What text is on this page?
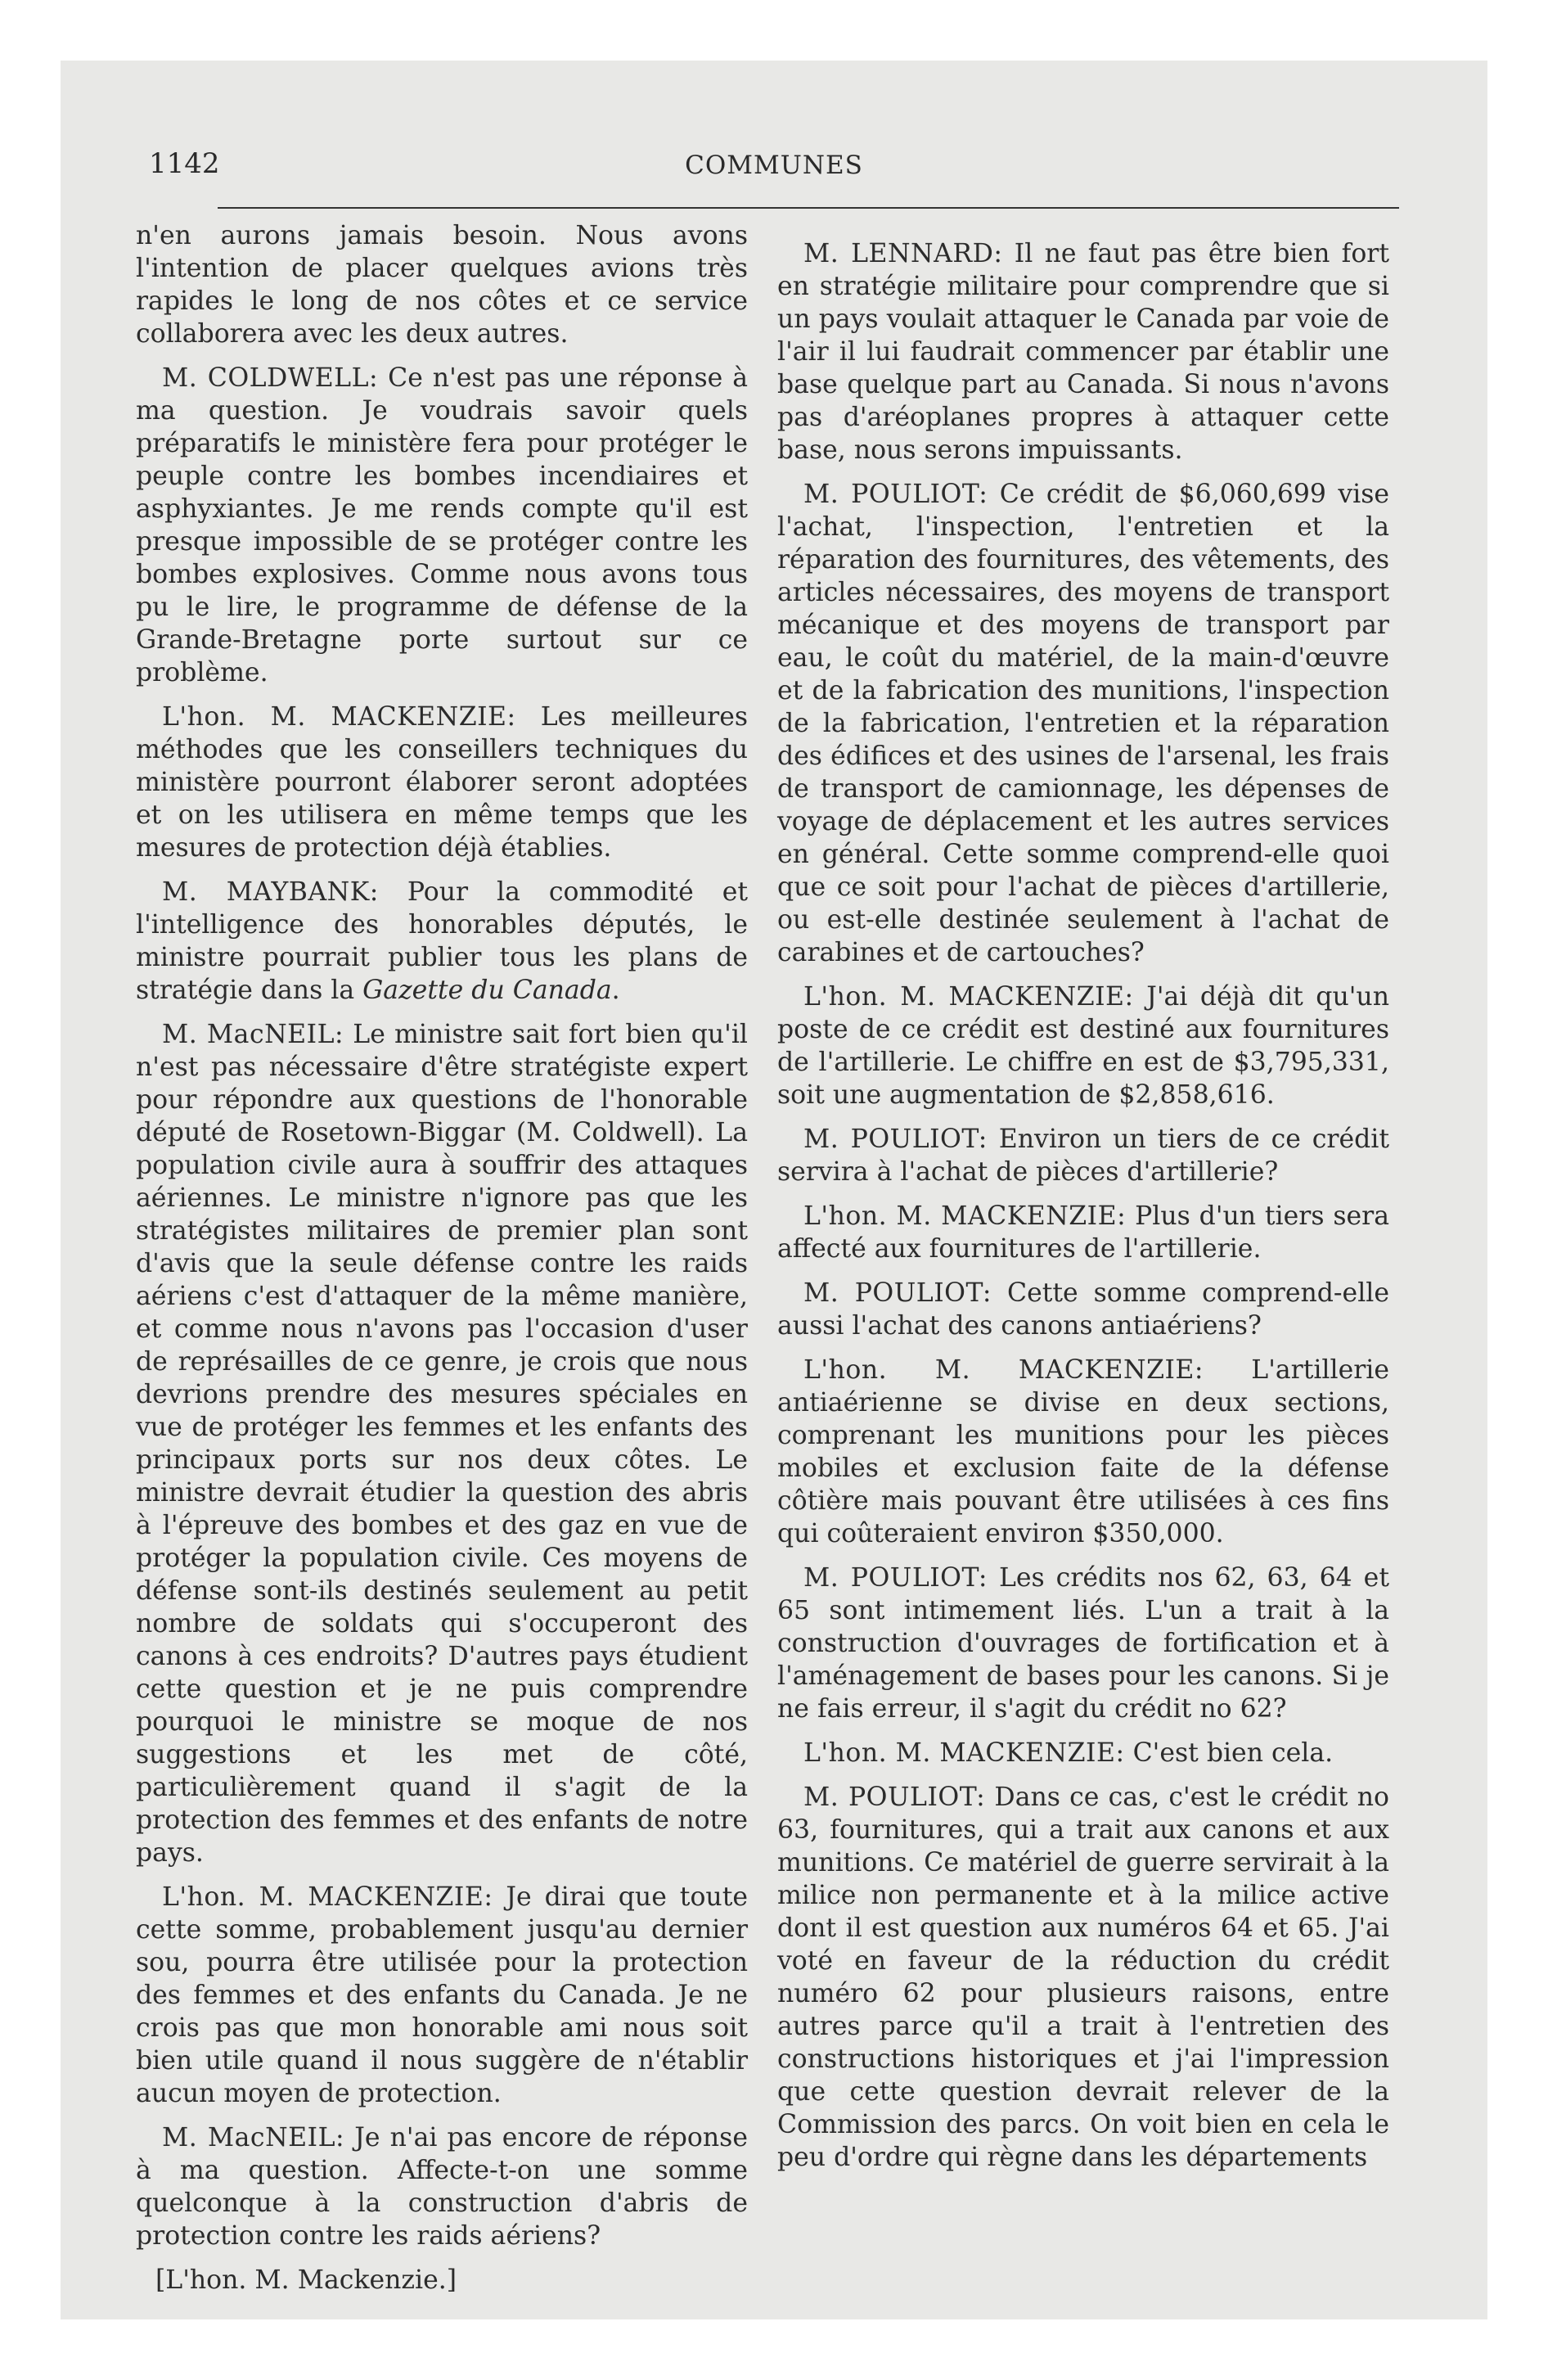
1142	COMMUNES

n'en aurons jamais besoin. Nous avons l'intention de placer quelques avions très rapides le long de nos côtes et ce service collaborera avec les deux autres.

M. COLDWELL: Ce n'est pas une réponse à ma question. Je voudrais savoir quels préparatifs le ministère fera pour protéger le peuple contre les bombes incendiaires et asphyxiantes. Je me rends compte qu'il est presque impossible de se protéger contre les bombes explosives. Comme nous avons tous pu le lire, le programme de défense de la Grande-Bretagne porte surtout sur ce problème.

L'hon. M. MACKENZIE: Les meilleures méthodes que les conseillers techniques du ministère pourront élaborer seront adoptées et on les utilisera en même temps que les mesures de protection déjà établies.

M. MAYBANK: Pour la commodité et l'intelligence des honorables députés, le ministre pourrait publier tous les plans de stratégie dans la Gazette du Canada.

M. MacNEIL: Le ministre sait fort bien qu'il n'est pas nécessaire d'être stratégiste expert pour répondre aux questions de l'honorable député de Rosetown-Biggar (M. Coldwell). La population civile aura à souffrir des attaques aériennes. Le ministre n'ignore pas que les stratégistes militaires de premier plan sont d'avis que la seule défense contre les raids aériens c'est d'attaquer de la même manière, et comme nous n'avons pas l'occasion d'user de représailles de ce genre, je crois que nous devrions prendre des mesures spéciales en vue de protéger les femmes et les enfants des principaux ports sur nos deux côtes. Le ministre devrait étudier la question des abris à l'épreuve des bombes et des gaz en vue de protéger la population civile. Ces moyens de défense sont-ils destinés seulement au petit nombre de soldats qui s'occuperont des canons à ces endroits? D'autres pays étudient cette question et je ne puis comprendre pourquoi le ministre se moque de nos suggestions et les met de côté, particulièrement quand il s'agit de la protection des femmes et des enfants de notre pays.

L'hon. M. MACKENZIE: Je dirai que toute cette somme, probablement jusqu'au dernier sou, pourra être utilisée pour la protection des femmes et des enfants du Canada. Je ne crois pas que mon honorable ami nous soit bien utile quand il nous suggère de n'établir aucun moyen de protection.

M. MacNEIL: Je n'ai pas encore de réponse à ma question. Affecte-t-on une somme quelconque à la construction d'abris de protection contre les raids aériens?

[L'hon. M. Mackenzie.]

M. LENNARD: Il ne faut pas être bien fort en stratégie militaire pour comprendre que si un pays voulait attaquer le Canada par voie de l'air il lui faudrait commencer par établir une base quelque part au Canada. Si nous n'avons pas d'aréoplanes propres à attaquer cette base, nous serons impuissants.

M. POULIOT: Ce crédit de $6,060,699 vise l'achat, l'inspection, l'entretien et la réparation des fournitures, des vêtements, des articles nécessaires, des moyens de transport mécanique et des moyens de transport par eau, le coût du matériel, de la main-d'œuvre et de la fabrication des munitions, l'inspection de la fabrication, l'entretien et la réparation des édifices et des usines de l'arsenal, les frais de transport de camionnage, les dépenses de voyage de déplacement et les autres services en général. Cette somme comprend-elle quoi que ce soit pour l'achat de pièces d'artillerie, ou est-elle destinée seulement à l'achat de carabines et de cartouches?

L'hon. M. MACKENZIE: J'ai déjà dit qu'un poste de ce crédit est destiné aux fournitures de l'artillerie. Le chiffre en est de $3,795,331, soit une augmentation de $2,858,616.

M. POULIOT: Environ un tiers de ce crédit servira à l'achat de pièces d'artillerie?

L'hon. M. MACKENZIE: Plus d'un tiers sera affecté aux fournitures de l'artillerie.

M. POULIOT: Cette somme comprend-elle aussi l'achat des canons antiaériens?

L'hon. M. MACKENZIE: L'artillerie antiaérienne se divise en deux sections, comprenant les munitions pour les pièces mobiles et exclusion faite de la défense côtière mais pouvant être utilisées à ces fins qui coûteraient environ $350,000.

M. POULIOT: Les crédits nos 62, 63, 64 et 65 sont intimement liés. L'un a trait à la construction d'ouvrages de fortification et à l'aménagement de bases pour les canons. Si je ne fais erreur, il s'agit du crédit no 62?

L'hon. M. MACKENZIE: C'est bien cela.

M. POULIOT: Dans ce cas, c'est le crédit no 63, fournitures, qui a trait aux canons et aux munitions. Ce matériel de guerre servirait à la milice non permanente et à la milice active dont il est question aux numéros 64 et 65. J'ai voté en faveur de la réduction du crédit numéro 62 pour plusieurs raisons, entre autres parce qu'il a trait à l'entretien des constructions historiques et j'ai l'impression que cette question devrait relever de la Commission des parcs. On voit bien en cela le peu d'ordre qui règne dans les départements
